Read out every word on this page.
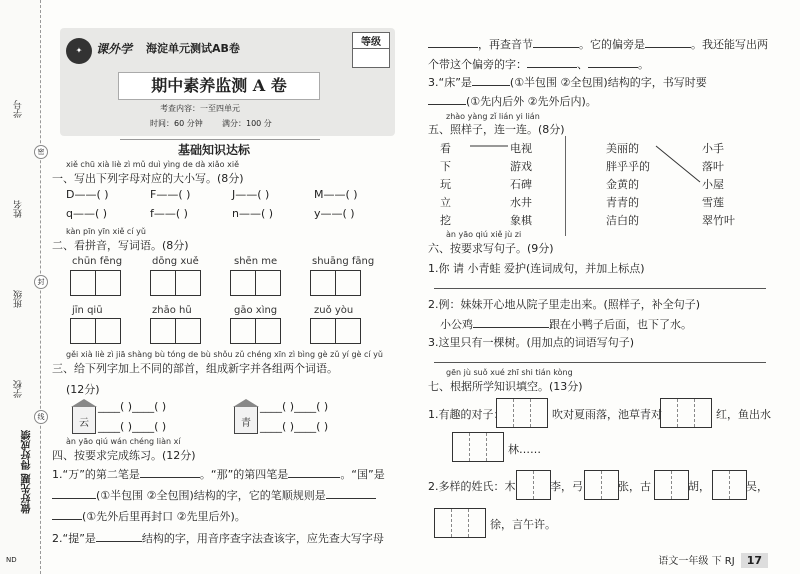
学号
姓名
班级
学校
做好先题 得好成绩
密
封
线
ND
✦	课外学 海淀单元测试AB卷	等级
期中素养监测 A 卷
考查内容：一至四单元
时间：60 分钟 满分：100 分
基础知识达标
xiě chū xià liè zì mǔ duì yìng de dà xiǎo xiě
一、写出下列字母对应的大小写。(8分)
D——( )	F——( )	J——( )	M——( )
q——( )	f——( )	n——( )	y——( )
kàn pīn yīn xiě cí yǔ
二、看拼音，写词语。(8分)
chūn fēng	dōng xuě	shēn me	shuāng fāng
jīn qiū	zhāo hū	gāo xìng	zuǒ yòu
gěi xià liè zì jiā shàng bù tóng de bù shǒu zǔ chéng xīn zì bìng gè zǔ yí gè cí yǔ
三、给下列字加上不同的部首，组成新字并各组两个词语。
(12分)
云
____( )____( )
____( )____( )	青
____( )____( )
____( )____( )
àn yāo qiú wán chéng liàn xí
四、按要求完成练习。(12分)
1.“万”的第二笔是	。“那”的第四笔是	。“国”是
(①半包围 ②全包围)结构的字，它的笔顺规则是
(①先外后里再封口 ②先里后外)。
2.“提”是	结构的字，用音序查字法查该字，应先查大写字母
，再查音节	。它的偏旁是	。我还能写出两
个带这个偏旁的字：	、	。
3.“床”是	(①半包围 ②全包围)结构的字，书写时要
(①先内后外 ②先外后内)。
zhào yàng zǐ lián yi lián
五、照样子，连一连。(8分)
看
下
玩
立
挖
电视
游戏
石碑
水井
象棋
美丽的
胖乎乎的
金黄的
青青的
洁白的
小手
落叶
小屋
雪莲
翠竹叶
àn yāo qiú xiě jù zi
六、按要求写句子。(9分)
1.你 请 小青蛙 爱护(连词成句，并加上标点)
2.例：妹妹开心地从院子里走出来。(照样子，补全句子)
小公鸡	跟在小鸭子后面，也下了水。
3.这里只有一棵树。(用加点的词语写句子)
gēn jù suǒ xué zhī shi tián kòng
七、根据所学知识填空。(13分)
1.有趣的对子：	吹对夏雨落，池草青对	红，鱼出水
林……
2.多样的姓氏：木	李，弓	张，古	胡，	吴，
徐，言午许。
语文一年级 下 RJ 17
